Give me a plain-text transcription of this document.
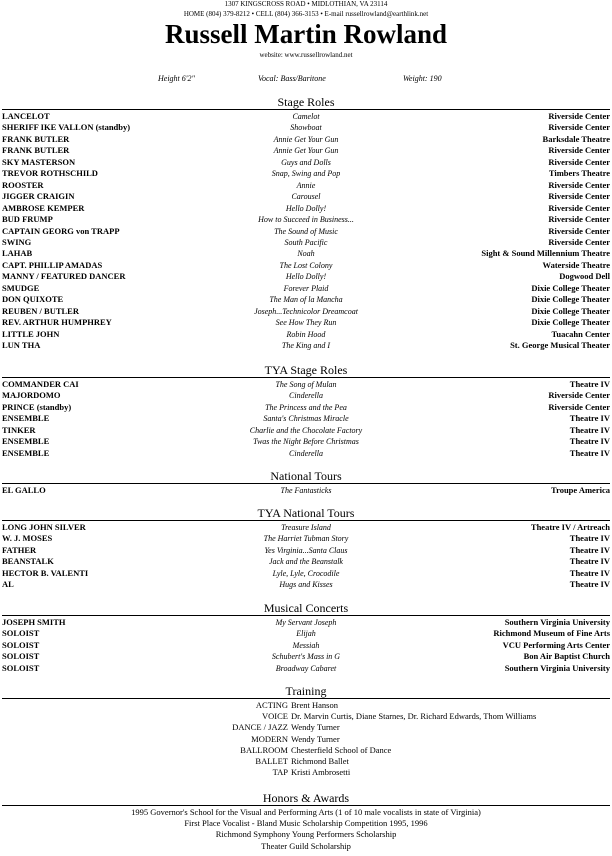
1307 KINGSCROSS ROAD • MIDLOTHIAN, VA 23114
HOME (804) 379-8212 • CELL (804) 366-3153 • E-mail russellrowland@earthlink.net
Russell Martin Rowland
website: www.russellrowland.net
Height 6'2"	Vocal: Bass/Baritone	Weight: 190
Stage Roles
LANCELOT	Camelot	Riverside Center
SHERIFF IKE VALLON (standby)	Showboat	Riverside Center
FRANK BUTLER	Annie Get Your Gun	Barksdale Theatre
FRANK BUTLER	Annie Get Your Gun	Riverside Center
SKY MASTERSON	Guys and Dolls	Riverside Center
TREVOR ROTHSCHILD	Snap, Swing and Pop	Timbers Theatre
ROOSTER	Annie	Riverside Center
JIGGER CRAIGIN	Carousel	Riverside Center
AMBROSE KEMPER	Hello Dolly!	Riverside Center
BUD FRUMP	How to Succeed in Business...	Riverside Center
CAPTAIN GEORG von TRAPP	The Sound of Music	Riverside Center
SWING	South Pacific	Riverside Center
LAHAB	Noah	Sight & Sound Millennium Theatre
CAPT. PHILLIP AMADAS	The Lost Colony	Waterside Theatre
MANNY / FEATURED DANCER	Hello Dolly!	Dogwood Dell
SMUDGE	Forever Plaid	Dixie College Theater
DON QUIXOTE	The Man of la Mancha	Dixie College Theater
REUBEN / BUTLER	Joseph...Technicolor Dreamcoat	Dixie College Theater
REV. ARTHUR HUMPHREY	See How They Run	Dixie College Theater
LITTLE JOHN	Robin Hood	Tuacahn Center
LUN THA	The King and I	St. George Musical Theater
TYA Stage Roles
COMMANDER CAI	The Song of Mulan	Theatre IV
MAJORDOMO	Cinderella	Riverside Center
PRINCE (standby)	The Princess and the Pea	Riverside Center
ENSEMBLE	Santa's Christmas Miracle	Theatre IV
TINKER	Charlie and the Chocolate Factory	Theatre IV
ENSEMBLE	Twas the Night Before Christmas	Theatre IV
ENSEMBLE	Cinderella	Theatre IV
National Tours
EL GALLO	The Fantasticks	Troupe America
TYA National Tours
LONG JOHN SILVER	Treasure Island	Theatre IV / Artreach
W. J. MOSES	The Harriet Tubman Story	Theatre IV
FATHER	Yes Virginia...Santa Claus	Theatre IV
BEANSTALK	Jack and the Beanstalk	Theatre IV
HECTOR B. VALENTI	Lyle, Lyle, Crocodile	Theatre IV
AL	Hugs and Kisses	Theatre IV
Musical Concerts
JOSEPH SMITH	My Servant Joseph	Southern Virginia University
SOLOIST	Elijah	Richmond Museum of Fine Arts
SOLOIST	Messiah	VCU Performing Arts Center
SOLOIST	Schubert's Mass in G	Bon Air Baptist Church
SOLOIST	Broadway Cabaret	Southern Virginia University
Training
ACTING Brent Hanson
VOICE Dr. Marvin Curtis, Diane Starnes, Dr. Richard Edwards, Thom Williams
DANCE / JAZZ Wendy Turner
MODERN Wendy Turner
BALLROOM Chesterfield School of Dance
BALLET Richmond Ballet
TAP Kristi Ambrosetti
Honors & Awards
1995 Governor's School for the Visual and Performing Arts (1 of 10 male vocalists in state of Virginia)
First Place Vocalist - Bland Music Scholarship Competition 1995, 1996
Richmond Symphony Young Performers Scholarship
Theater Guild Scholarship
